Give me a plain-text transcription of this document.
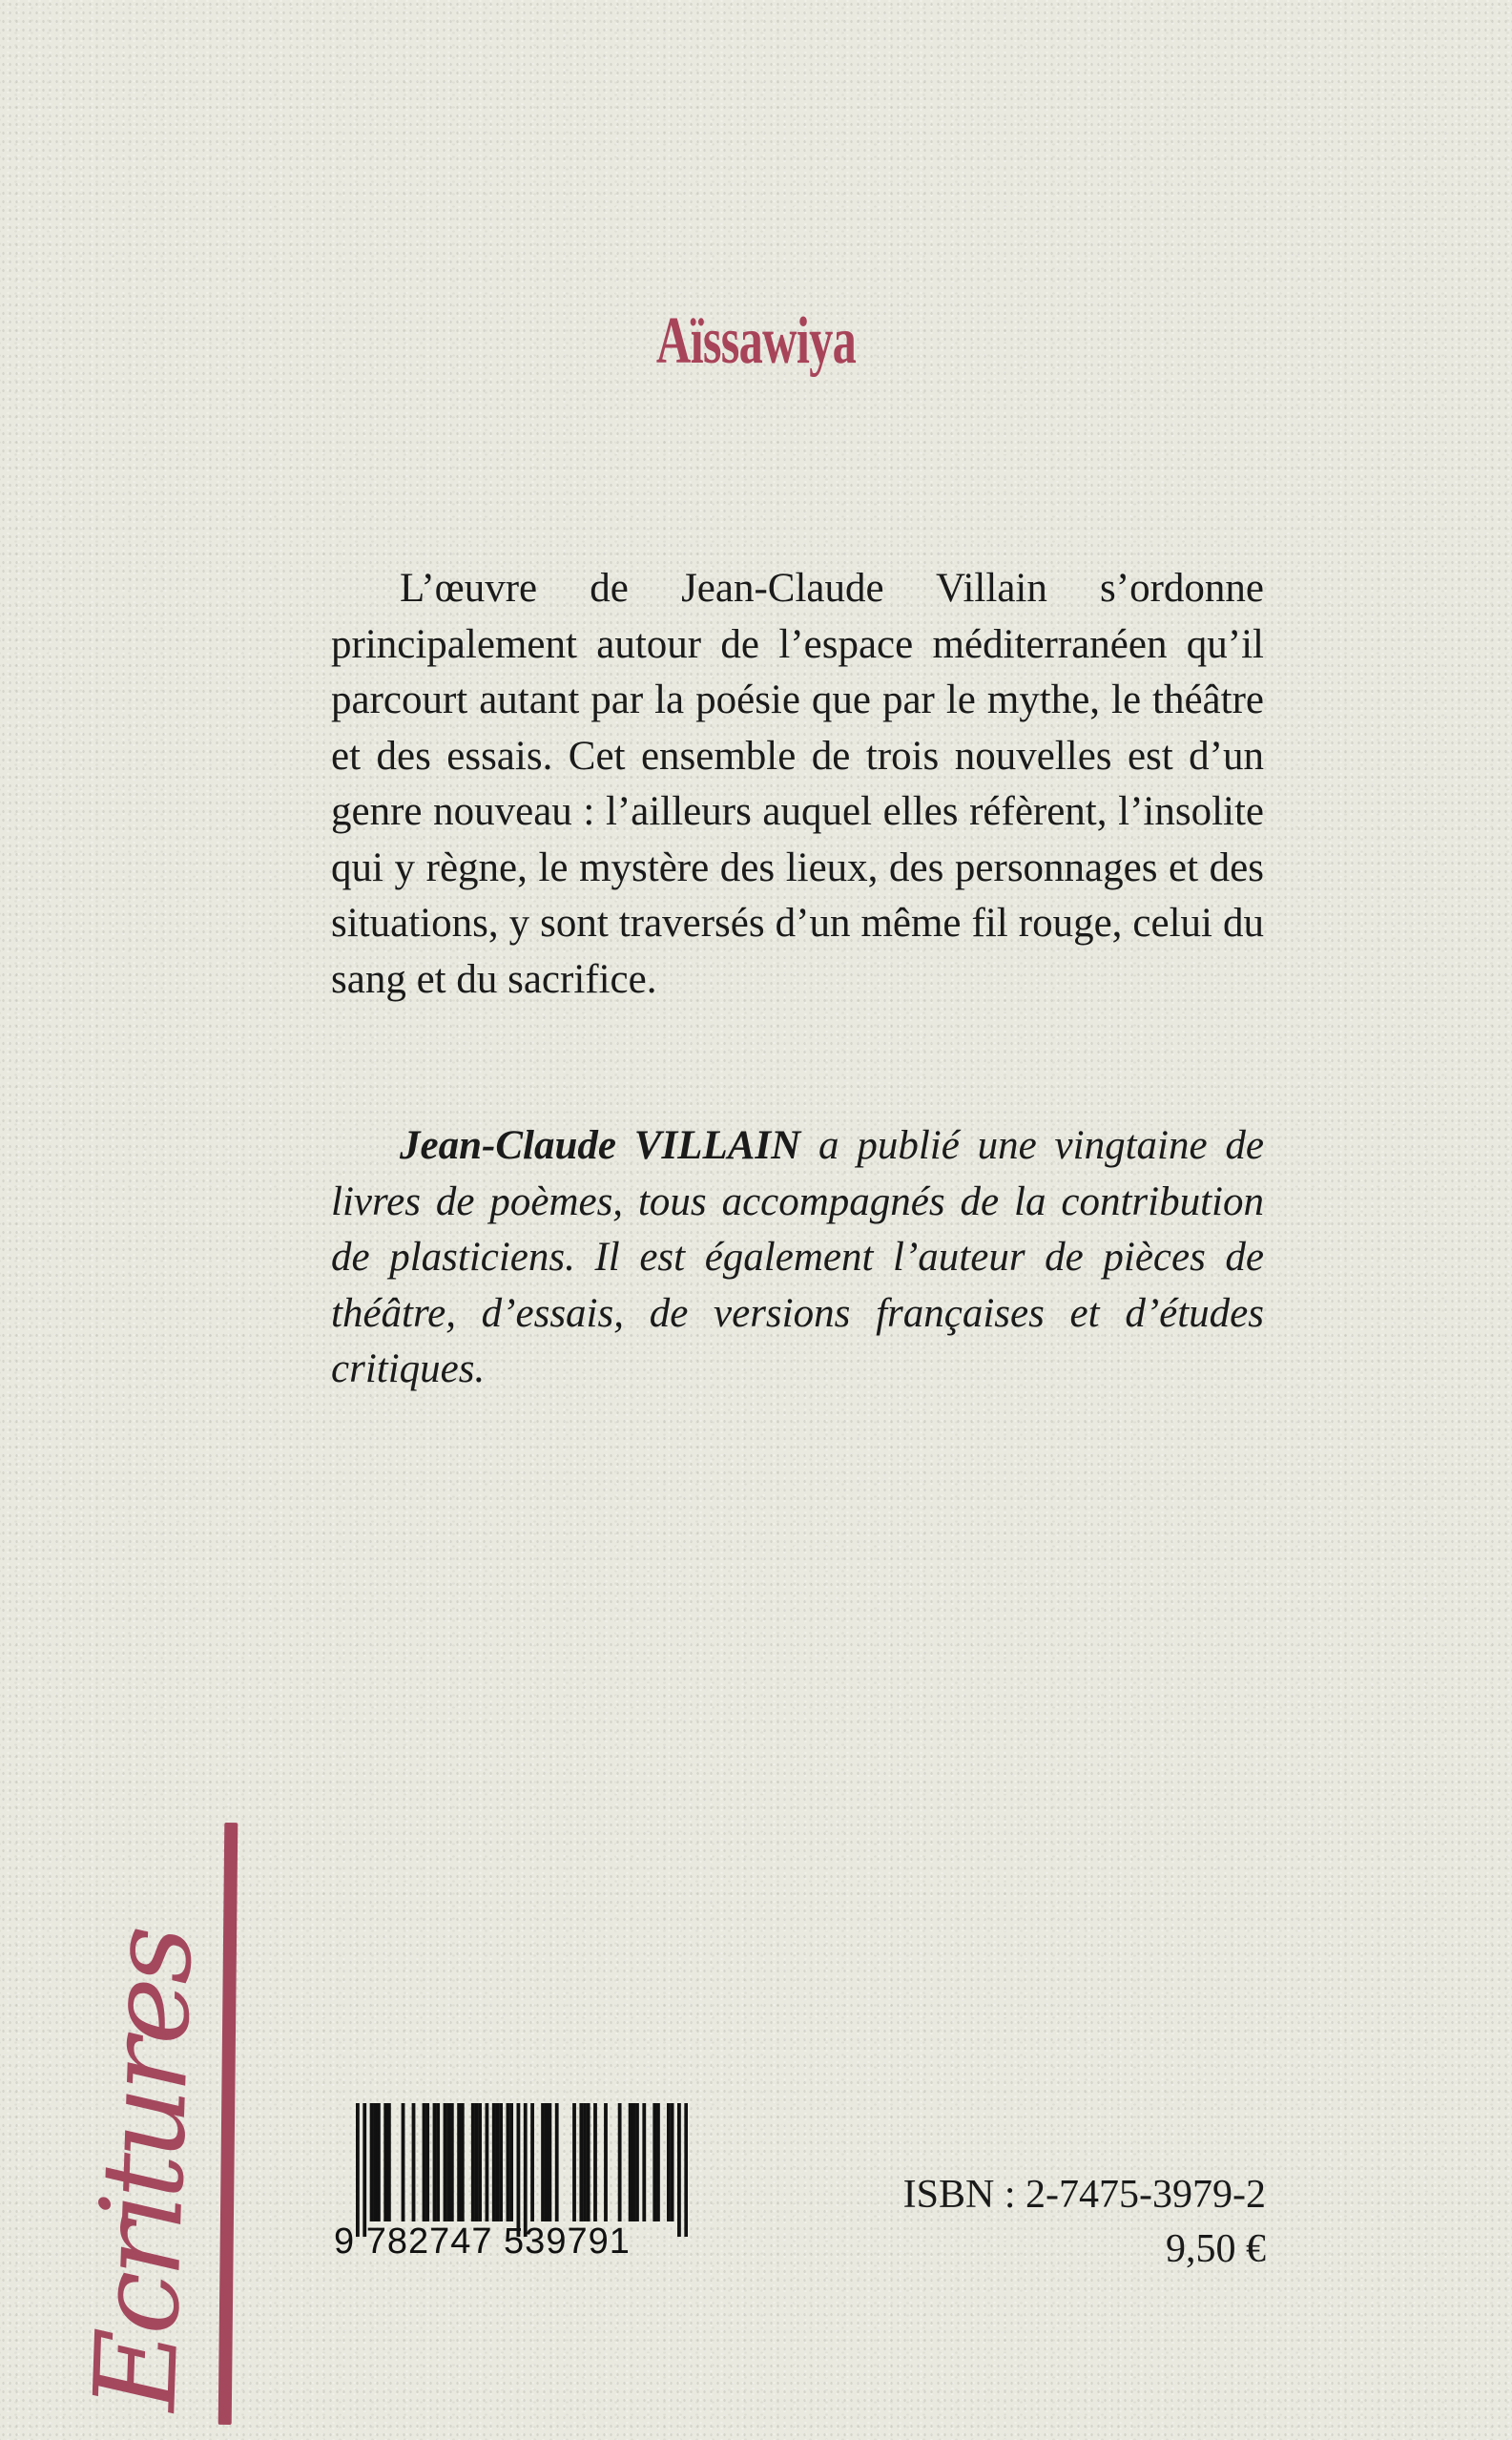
Aïssawiya

L’œuvre de Jean-Claude Villain s’ordonne principalement autour de l’espace méditerranéen qu’il parcourt autant par la poésie que par le mythe, le théâtre et des essais. Cet ensemble de trois nouvelles est d’un genre nouveau : l’ailleurs auquel elles réfèrent, l’insolite qui y règne, le mystère des lieux, des personnages et des situations, y sont traversés d’un même fil rouge, celui du sang et du sacrifice.

Jean-Claude VILLAIN a publié une vingtaine de livres de poèmes, tous accompagnés de la contribution de plasticiens. Il est également l’auteur de pièces de théâtre, d’essais, de versions françaises et d’études critiques.

Ecritures	9 782747 539791
ISBN : 2-7475-3979-2
9,50 €
